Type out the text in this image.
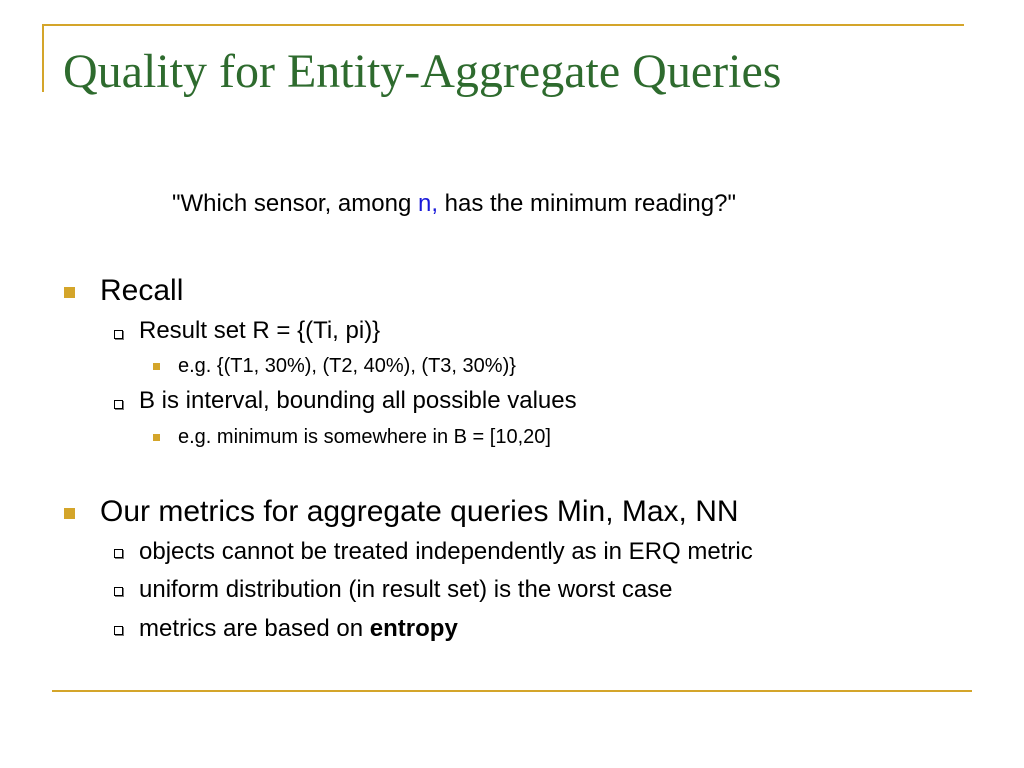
Quality for Entity-Aggregate Queries
"Which sensor, among n, has the minimum reading?"
Recall
Result set R = {(Ti, pi)}
e.g. {(T1, 30%), (T2, 40%), (T3, 30%)}
B is interval, bounding all possible values
e.g. minimum is somewhere in B = [10,20]
Our metrics for aggregate queries Min, Max, NN
objects cannot be treated independently as in ERQ metric
uniform distribution (in result set) is the worst case
metrics are based on entropy
